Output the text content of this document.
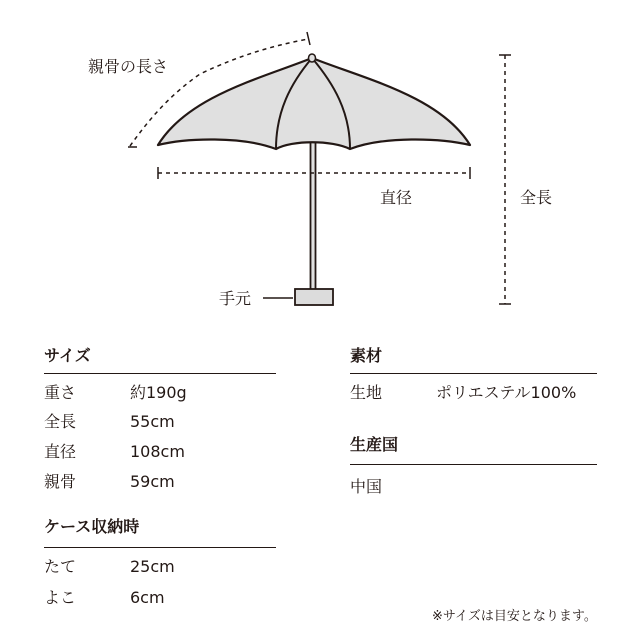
親骨の長さ
直径	全長
手元
サイズ
重さ	約190g
全長	55cm
直径	108cm
親骨	59cm
ケース収納時
たて	25cm
よこ	6cm
素材
生地	ポリエステル100%
生産国
中国
※サイズは目安となります。
